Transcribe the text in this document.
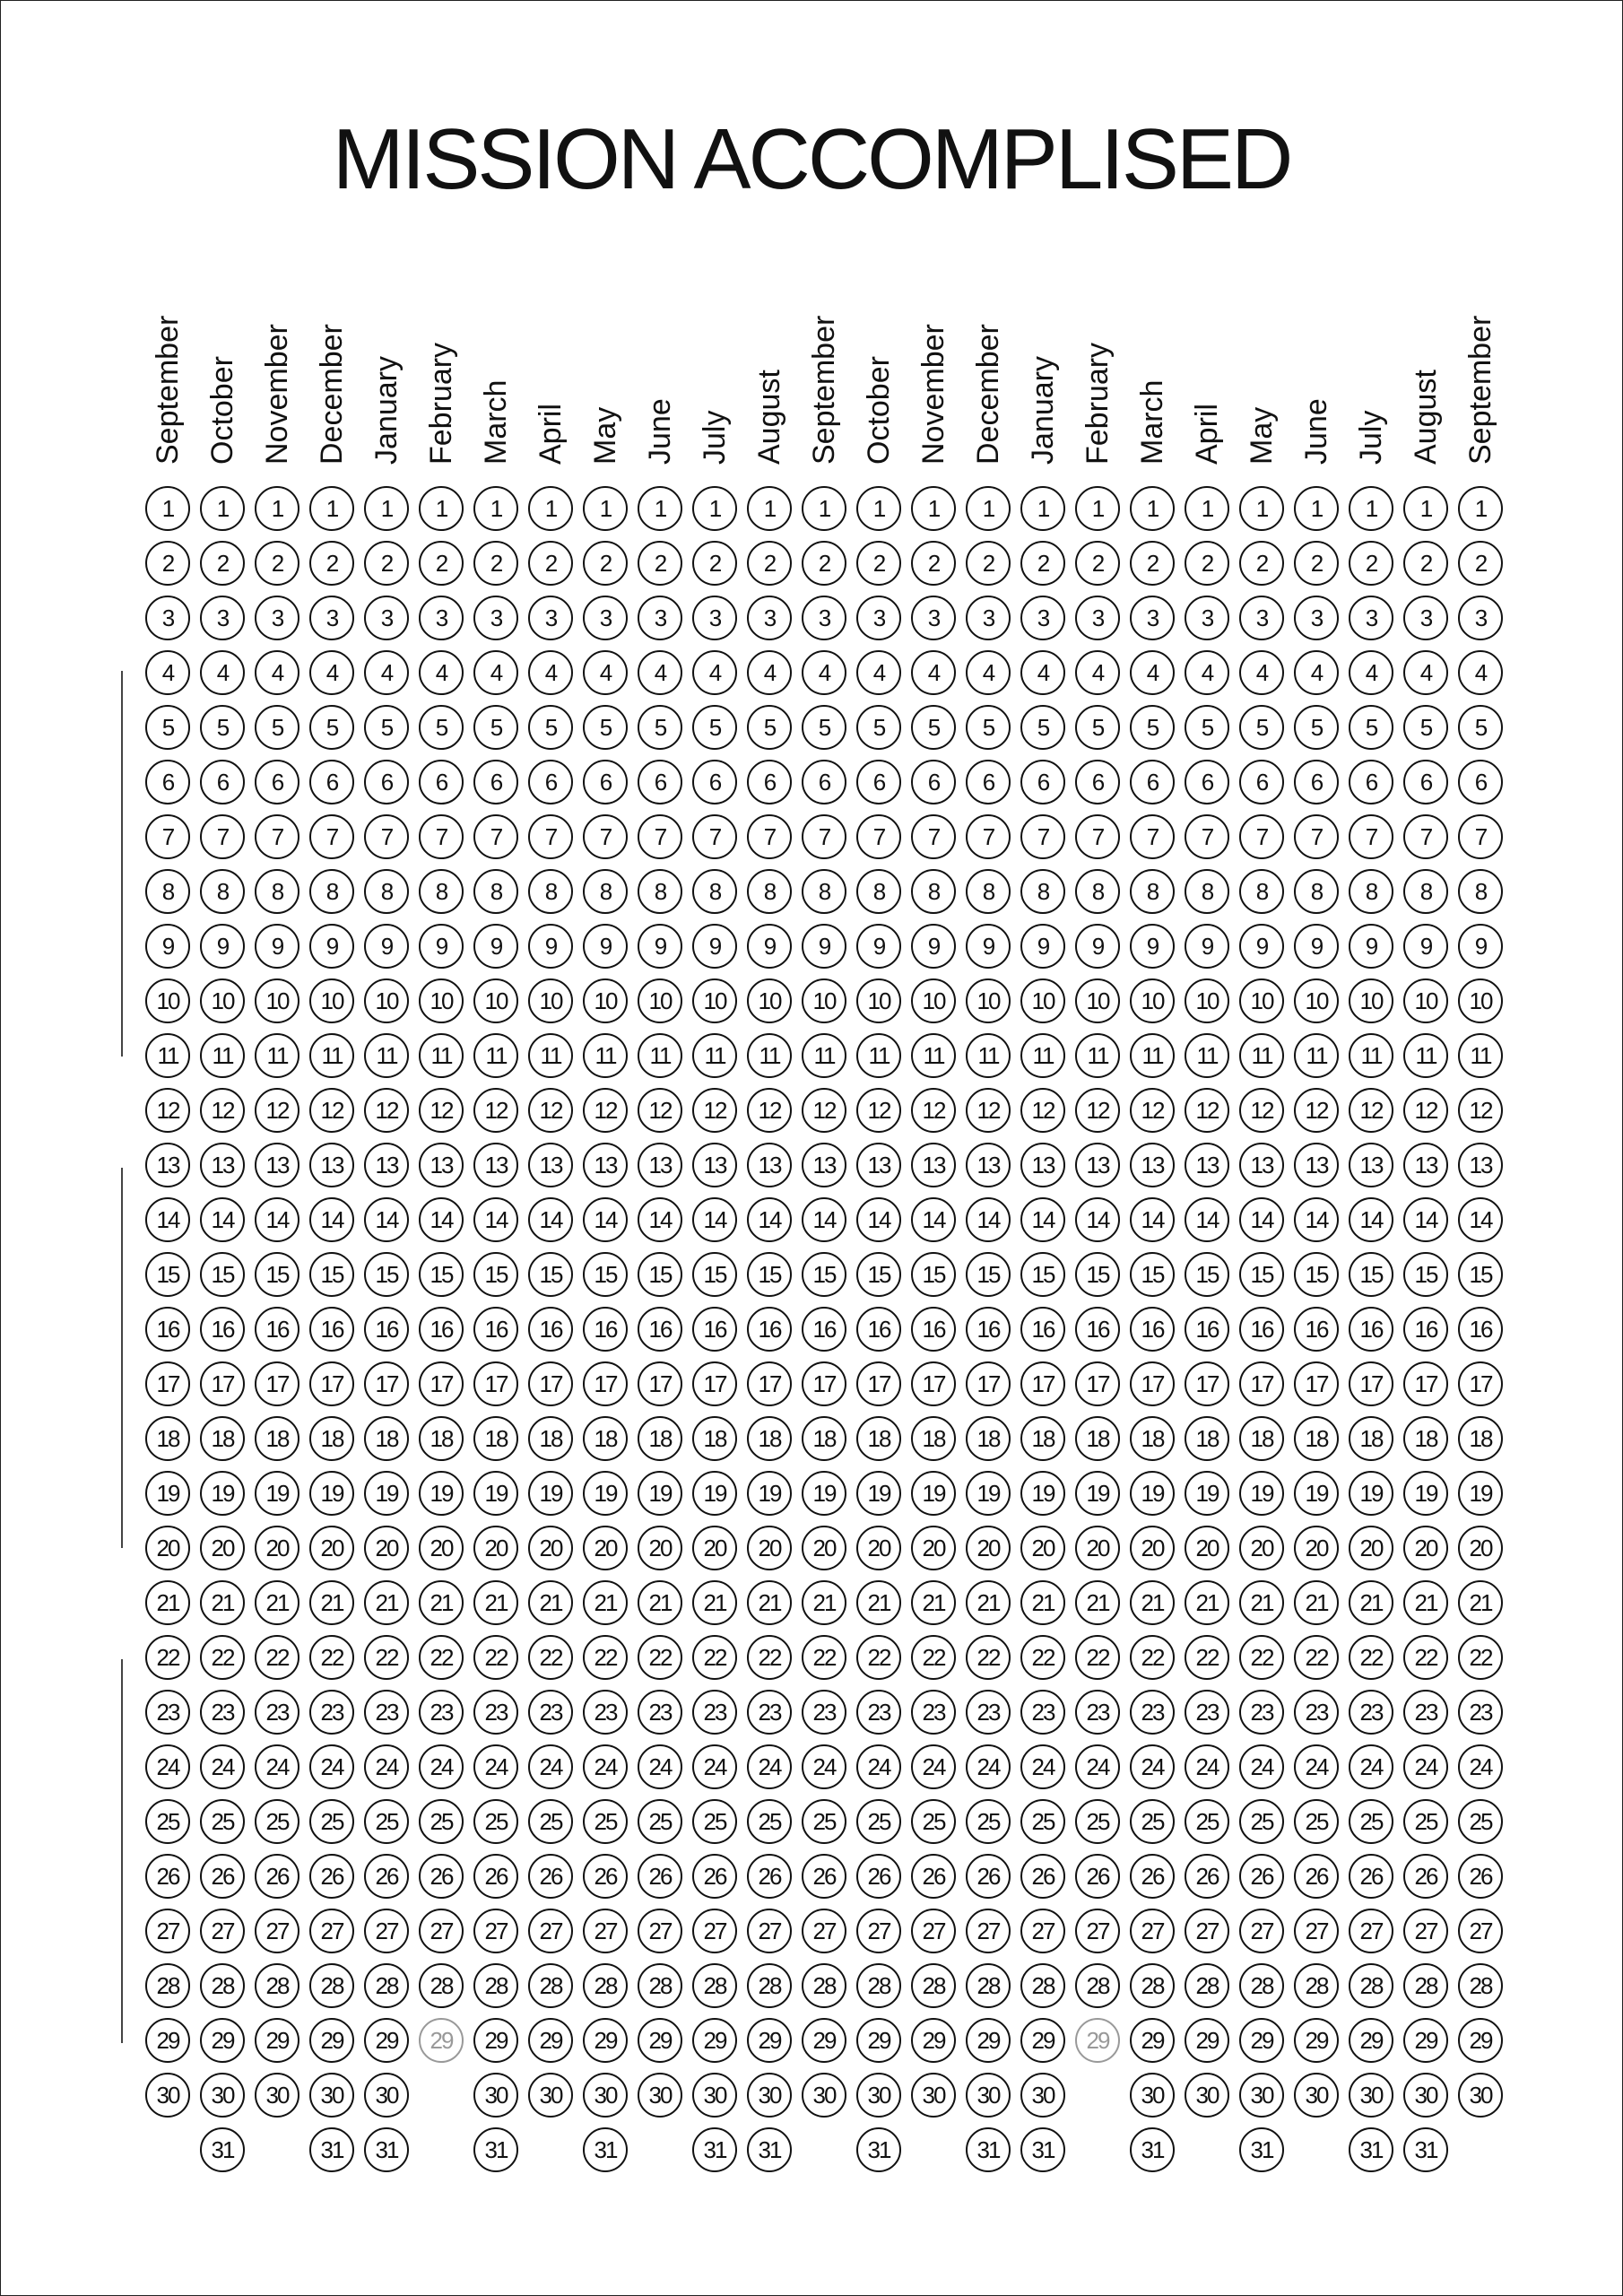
MISSION ACCOMPLISED
September October November December January February March April May June July August September October November December January February March April May June July August September
1
2
3
4
5
6
7
8
9
10
11
12
13
14
15
16
17
18
19
20
21
22
23
24
25
26
27
28
29
30
1
2
3
4
5
6
7
8
9
10
11
12
13
14
15
16
17
18
19
20
21
22
23
24
25
26
27
28
29
30
31
1
2
3
4
5
6
7
8
9
10
11
12
13
14
15
16
17
18
19
20
21
22
23
24
25
26
27
28
29
30
1
2
3
4
5
6
7
8
9
10
11
12
13
14
15
16
17
18
19
20
21
22
23
24
25
26
27
28
29
30
31
1
2
3
4
5
6
7
8
9
10
11
12
13
14
15
16
17
18
19
20
21
22
23
24
25
26
27
28
29
30
31
1
2
3
4
5
6
7
8
9
10
11
12
13
14
15
16
17
18
19
20
21
22
23
24
25
26
27
28
29
1
2
3
4
5
6
7
8
9
10
11
12
13
14
15
16
17
18
19
20
21
22
23
24
25
26
27
28
29
30
31
1
2
3
4
5
6
7
8
9
10
11
12
13
14
15
16
17
18
19
20
21
22
23
24
25
26
27
28
29
30
1
2
3
4
5
6
7
8
9
10
11
12
13
14
15
16
17
18
19
20
21
22
23
24
25
26
27
28
29
30
31
1
2
3
4
5
6
7
8
9
10
11
12
13
14
15
16
17
18
19
20
21
22
23
24
25
26
27
28
29
30
1
2
3
4
5
6
7
8
9
10
11
12
13
14
15
16
17
18
19
20
21
22
23
24
25
26
27
28
29
30
31
1
2
3
4
5
6
7
8
9
10
11
12
13
14
15
16
17
18
19
20
21
22
23
24
25
26
27
28
29
30
31
1
2
3
4
5
6
7
8
9
10
11
12
13
14
15
16
17
18
19
20
21
22
23
24
25
26
27
28
29
30
1
2
3
4
5
6
7
8
9
10
11
12
13
14
15
16
17
18
19
20
21
22
23
24
25
26
27
28
29
30
31
1
2
3
4
5
6
7
8
9
10
11
12
13
14
15
16
17
18
19
20
21
22
23
24
25
26
27
28
29
30
1
2
3
4
5
6
7
8
9
10
11
12
13
14
15
16
17
18
19
20
21
22
23
24
25
26
27
28
29
30
31
1
2
3
4
5
6
7
8
9
10
11
12
13
14
15
16
17
18
19
20
21
22
23
24
25
26
27
28
29
30
31
1
2
3
4
5
6
7
8
9
10
11
12
13
14
15
16
17
18
19
20
21
22
23
24
25
26
27
28
29
1
2
3
4
5
6
7
8
9
10
11
12
13
14
15
16
17
18
19
20
21
22
23
24
25
26
27
28
29
30
31
1
2
3
4
5
6
7
8
9
10
11
12
13
14
15
16
17
18
19
20
21
22
23
24
25
26
27
28
29
30
1
2
3
4
5
6
7
8
9
10
11
12
13
14
15
16
17
18
19
20
21
22
23
24
25
26
27
28
29
30
31
1
2
3
4
5
6
7
8
9
10
11
12
13
14
15
16
17
18
19
20
21
22
23
24
25
26
27
28
29
30
1
2
3
4
5
6
7
8
9
10
11
12
13
14
15
16
17
18
19
20
21
22
23
24
25
26
27
28
29
30
31
1
2
3
4
5
6
7
8
9
10
11
12
13
14
15
16
17
18
19
20
21
22
23
24
25
26
27
28
29
30
31
1
2
3
4
5
6
7
8
9
10
11
12
13
14
15
16
17
18
19
20
21
22
23
24
25
26
27
28
29
30
